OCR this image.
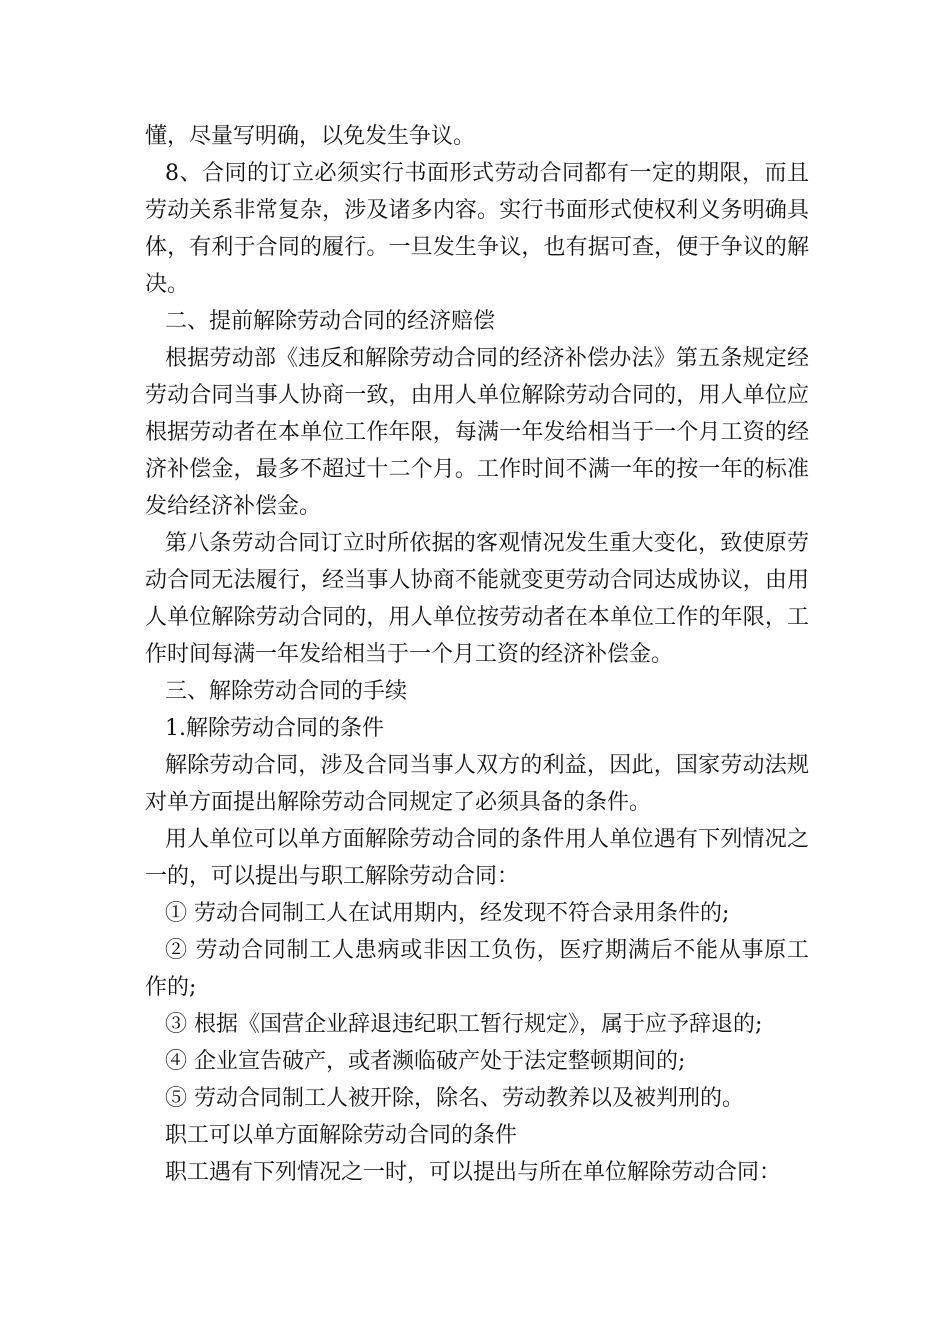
懂，尽量写明确，以免发生争议。

8、合同的订立必须实行书面形式劳动合同都有一定的期限，而且劳动关系非常复杂，涉及诸多内容。实行书面形式使权利义务明确具体，有利于合同的履行。一旦发生争议，也有据可查，便于争议的解决。

二、提前解除劳动合同的经济赔偿

根据劳动部《违反和解除劳动合同的经济补偿办法》第五条规定经劳动合同当事人协商一致，由用人单位解除劳动合同的，用人单位应根据劳动者在本单位工作年限，每满一年发给相当于一个月工资的经济补偿金，最多不超过十二个月。工作时间不满一年的按一年的标准发给经济补偿金。

第八条劳动合同订立时所依据的客观情况发生重大变化，致使原劳动合同无法履行，经当事人协商不能就变更劳动合同达成协议，由用人单位解除劳动合同的，用人单位按劳动者在本单位工作的年限，工作时间每满一年发给相当于一个月工资的经济补偿金。

三、解除劳动合同的手续

1.解除劳动合同的条件

解除劳动合同，涉及合同当事人双方的利益，因此，国家劳动法规对单方面提出解除劳动合同规定了必须具备的条件。

用人单位可以单方面解除劳动合同的条件用人单位遇有下列情况之一的，可以提出与职工解除劳动合同：

① 劳动合同制工人在试用期内，经发现不符合录用条件的;

② 劳动合同制工人患病或非因工负伤，医疗期满后不能从事原工作的;

③ 根据《国营企业辞退违纪职工暂行规定》，属于应予辞退的;

④ 企业宣告破产，或者濒临破产处于法定整顿期间的;

⑤ 劳动合同制工人被开除，除名、劳动教养以及被判刑的。

职工可以单方面解除劳动合同的条件

职工遇有下列情况之一时，可以提出与所在单位解除劳动合同：
